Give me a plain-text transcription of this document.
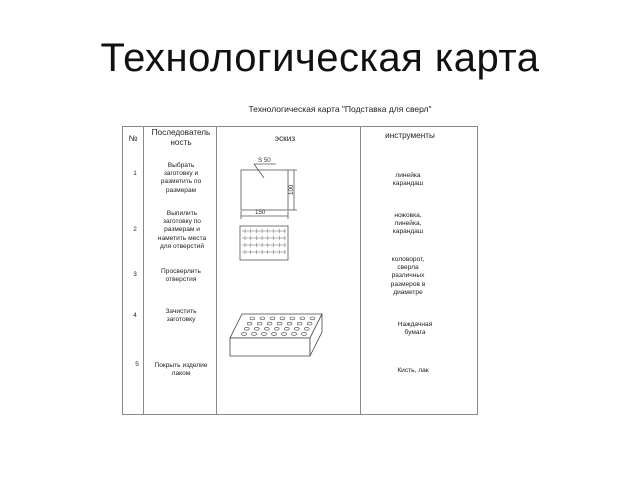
Технологическая карта
Технологическая карта "Подставка для сверл"
№
Последователь
ность	эскиз	инструменты
1
2
3
4
5
Выбрать
заготовку и
разметить по
размерам
Выпилить
заготовку по
размерам и
наметить места
для отверстий
Просверлить
отверстия
Зачистить
заготовку
Покрыть изделие
лаком
линейка
карандаш
ножовка,
линейка,
карандаш
коловорот,
сверла
различных
размеров в
диаметре
Наждачная
бумага
Кисть, лак
S 50
100
150
